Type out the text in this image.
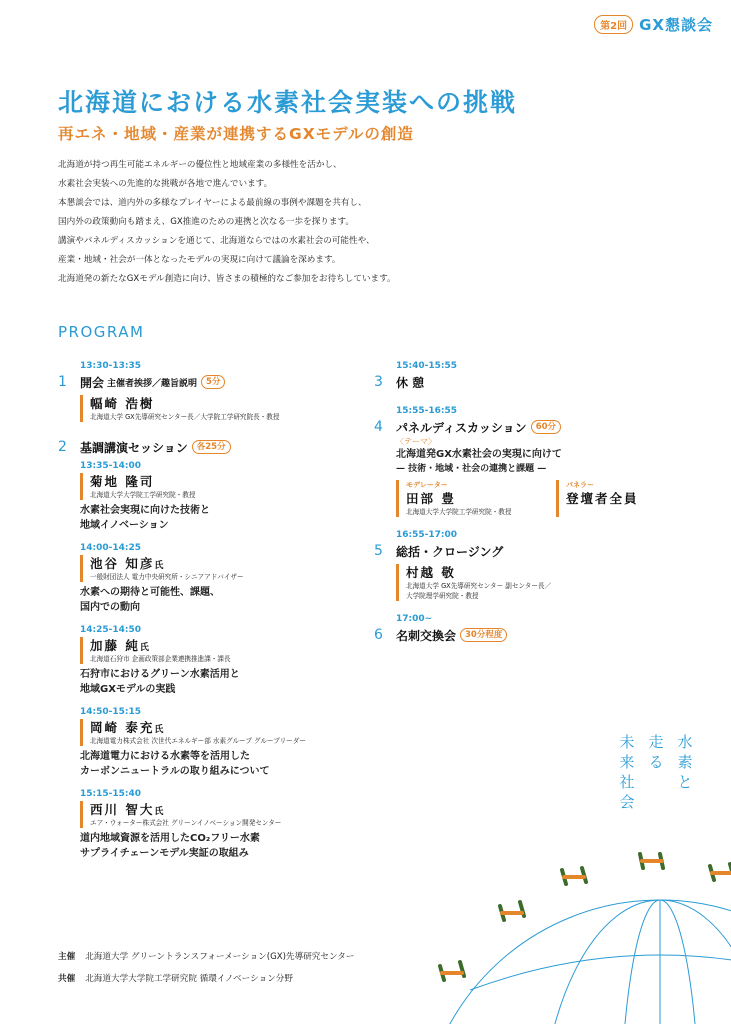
第2回 GX懇談会
北海道における水素社会実装への挑戦
再エネ・地域・産業が連携するGXモデルの創造

北海道が持つ再生可能エネルギーの優位性と地域産業の多様性を活かし、

水素社会実装への先進的な挑戦が各地で進んでいます。

本懇談会では、道内外の多様なプレイヤーによる最前線の事例や課題を共有し、

国内外の政策動向も踏まえ、GX推進のための連携と次なる一歩を探ります。

講演やパネルディスカッションを通じて、北海道ならではの水素社会の可能性や、

産業・地域・社会が一体となったモデルの実現に向けて議論を深めます。

北海道発の新たなGXモデル創造に向け、皆さまの積極的なご参加をお待ちしています。

PROGRAM
13:30-13:35
1	開会 主催者挨拶／趣旨説明	5分
幅崎 浩樹
北海道大学 GX先導研究センター長／大学院工学研究院長・教授
2	基調講演セッション	各25分
13:35-14:00
菊地 隆司
北海道大学大学院工学研究院・教授
水素社会実現に向けた技術と
地域イノベーション
14:00-14:25
池谷 知彦氏
一般財団法人 電力中央研究所・シニアアドバイザー
水素への期待と可能性、課題、
国内での動向
14:25-14:50
加藤 純氏
北海道石狩市 企画政策部企業連携推進課・課長
石狩市におけるグリーン水素活用と
地域GXモデルの実践
14:50-15:15
岡崎 泰充氏
北海道電力株式会社 次世代エネルギー部 水素グループ グループリーダー
北海道電力における水素等を活用した
カーボンニュートラルの取り組みについて
15:15-15:40
西川 智大氏
エア・ウォーター株式会社 グリーンイノベーション開発センター
道内地域資源を活用したCO₂フリー水素
サプライチェーンモデル実証の取組み
15:40-15:55
3	休 憩
15:55-16:55
4	パネルディスカッション	60分
〈テーマ〉
北海道発GX水素社会の実現に向けて
— 技術・地域・社会の連携と課題 —
モデレーター
田部 豊
北海道大学大学院工学研究院・教授
パネラー
登壇者全員
16:55-17:00
5	総括・クロージング
村越 敬
北海道大学 GX先導研究センター 副センター長／
大学院理学研究院・教授
17:00~
6	名刺交換会	30分程度
水
素
と
走
る
未
来
社
会

主催 北海道大学 グリーントランスフォーメーション(GX)先導研究センター

共催 北海道大学大学院工学研究院 循環イノベーション分野
